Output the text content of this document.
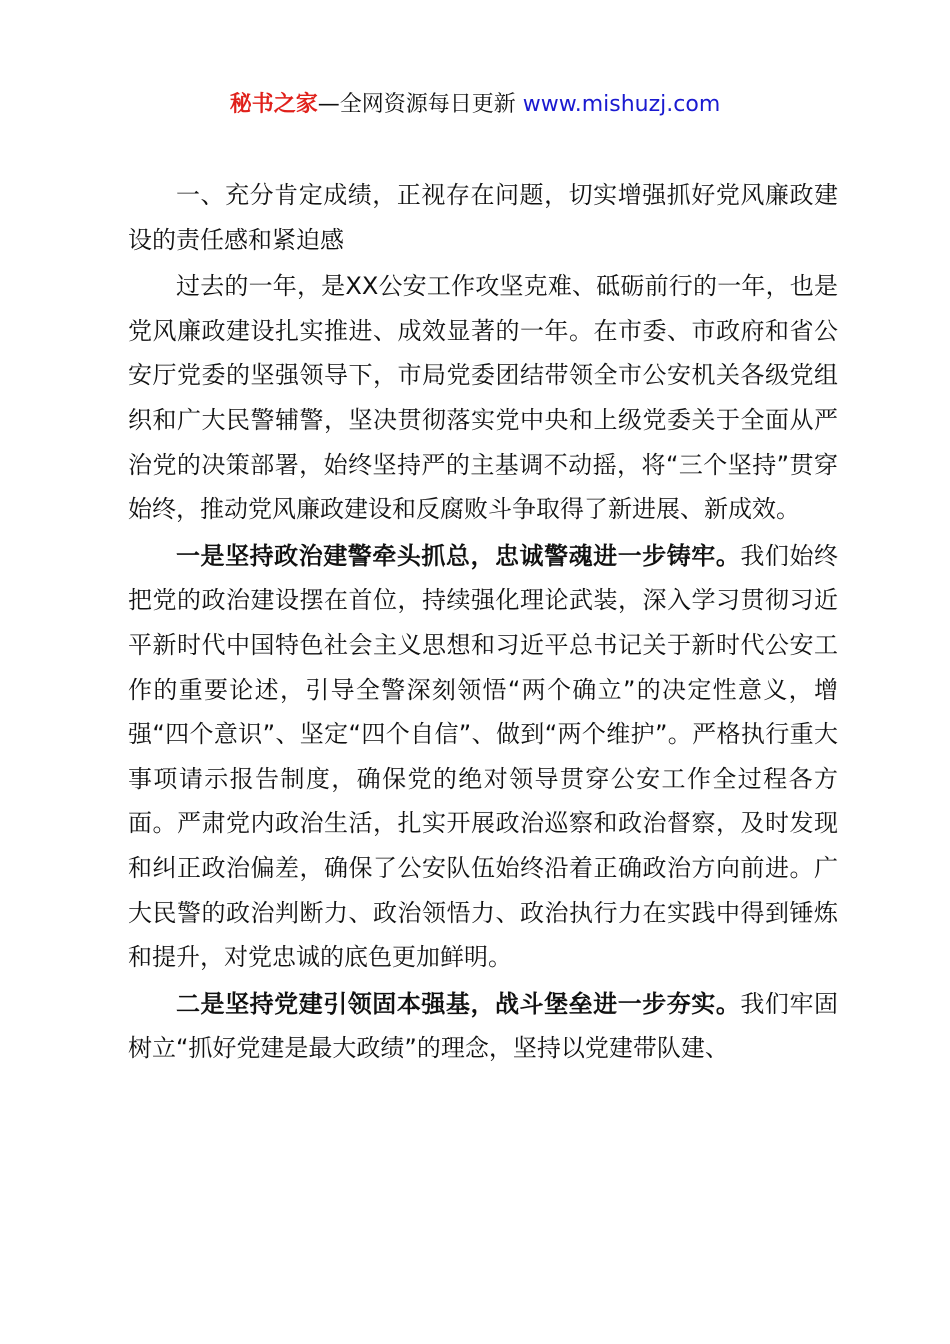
秘书之家—全网资源每日更新 www.mishuzj.com

一、充分肯定成绩，正视存在问题，切实增强抓好党风廉政建设的责任感和紧迫感

过去的一年，是XX公安工作攻坚克难、砥砺前行的一年，也是党风廉政建设扎实推进、成效显著的一年。在市委、市政府和省公安厅党委的坚强领导下，市局党委团结带领全市公安机关各级党组织和广大民警辅警，坚决贯彻落实党中央和上级党委关于全面从严治党的决策部署，始终坚持严的主基调不动摇，将“三个坚持”贯穿始终，推动党风廉政建设和反腐败斗争取得了新进展、新成效。

一是坚持政治建警牵头抓总，忠诚警魂进一步铸牢。我们始终把党的政治建设摆在首位，持续强化理论武装，深入学习贯彻习近平新时代中国特色社会主义思想和习近平总书记关于新时代公安工作的重要论述，引导全警深刻领悟“两个确立”的决定性意义，增强“四个意识”、坚定“四个自信”、做到“两个维护”。严格执行重大事项请示报告制度，确保党的绝对领导贯穿公安工作全过程各方面。严肃党内政治生活，扎实开展政治巡察和政治督察，及时发现和纠正政治偏差，确保了公安队伍始终沿着正确政治方向前进。广大民警的政治判断力、政治领悟力、政治执行力在实践中得到锤炼和提升，对党忠诚的底色更加鲜明。

二是坚持党建引领固本强基，战斗堡垒进一步夯实。我们牢固树立“抓好党建是最大政绩”的理念，坚持以党建带队建、
